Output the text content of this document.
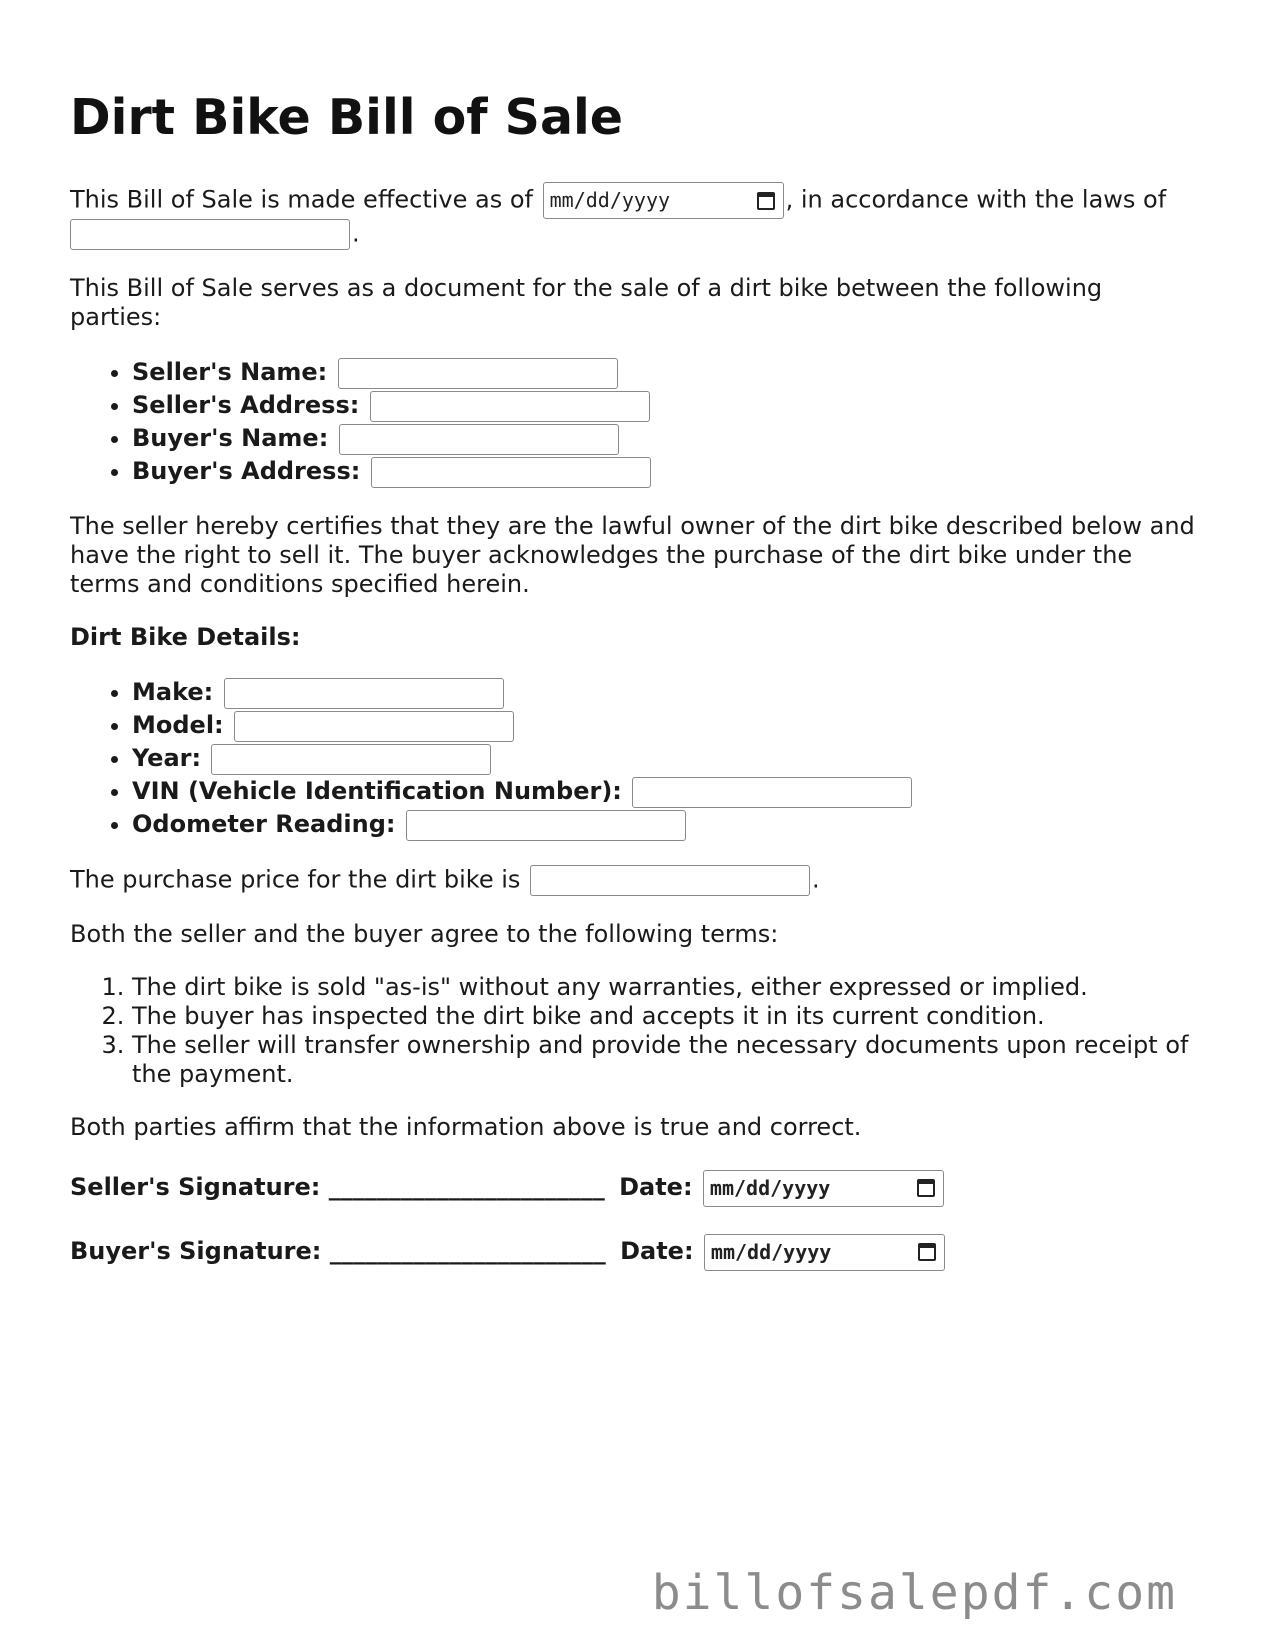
Dirt Bike Bill of Sale

This Bill of Sale is made effective as of mm/dd/yyyy	, in accordance with the laws of
.

This Bill of Sale serves as a document for the sale of a dirt bike between the following parties:

• Seller's Name:
• Seller's Address:
• Buyer's Name:
• Buyer's Address:

The seller hereby certifies that they are the lawful owner of the dirt bike described below and have the right to sell it. The buyer acknowledges the purchase of the dirt bike under the terms and conditions specified herein.

Dirt Bike Details:

• Make:
• Model:
• Year:
• VIN (Vehicle Identification Number):
• Odometer Reading:

The purchase price for the dirt bike is	.

Both the seller and the buyer agree to the following terms:

1. The dirt bike is sold "as-is" without any warranties, either expressed or implied.
2. The buyer has inspected the dirt bike and accepts it in its current condition.
3. The seller will transfer ownership and provide the necessary documents upon receipt of the payment.

Both parties affirm that the information above is true and correct.

Seller's Signature: _______________________ Date: mm/dd/yyyy
Buyer's Signature: _______________________ Date: mm/dd/yyyy
billofsalepdf.com
